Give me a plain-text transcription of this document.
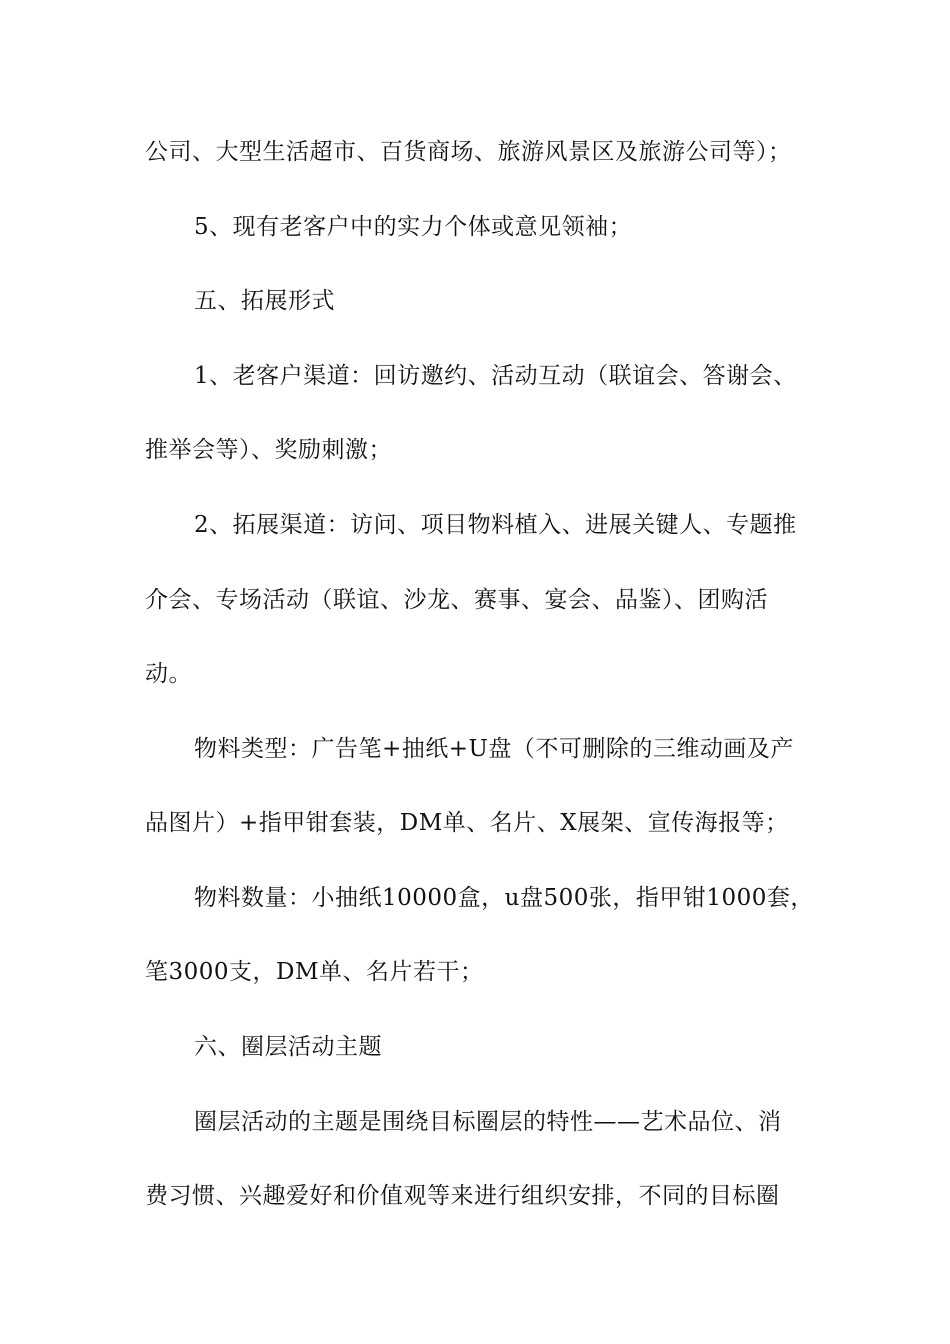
公司、大型生活超市、百货商场、旅游风景区及旅游公司等）；
5、现有老客户中的实力个体或意见领袖；
五、拓展形式
1、老客户渠道：回访邀约、活动互动（联谊会、答谢会、
推举会等）、奖励刺激；
2、拓展渠道：访问、项目物料植入、进展关键人、专题推
介会、专场活动（联谊、沙龙、赛事、宴会、品鉴）、团购活
动。
物料类型：广告笔+抽纸+U盘（不可删除的三维动画及产
品图片）+指甲钳套装，DM单、名片、X展架、宣传海报等；
物料数量：小抽纸10000盒，u盘500张，指甲钳1000套，
笔3000支，DM单、名片若干；
六、圈层活动主题
圈层活动的主题是围绕目标圈层的特性——艺术品位、消
费习惯、兴趣爱好和价值观等来进行组织安排，不同的目标圈
